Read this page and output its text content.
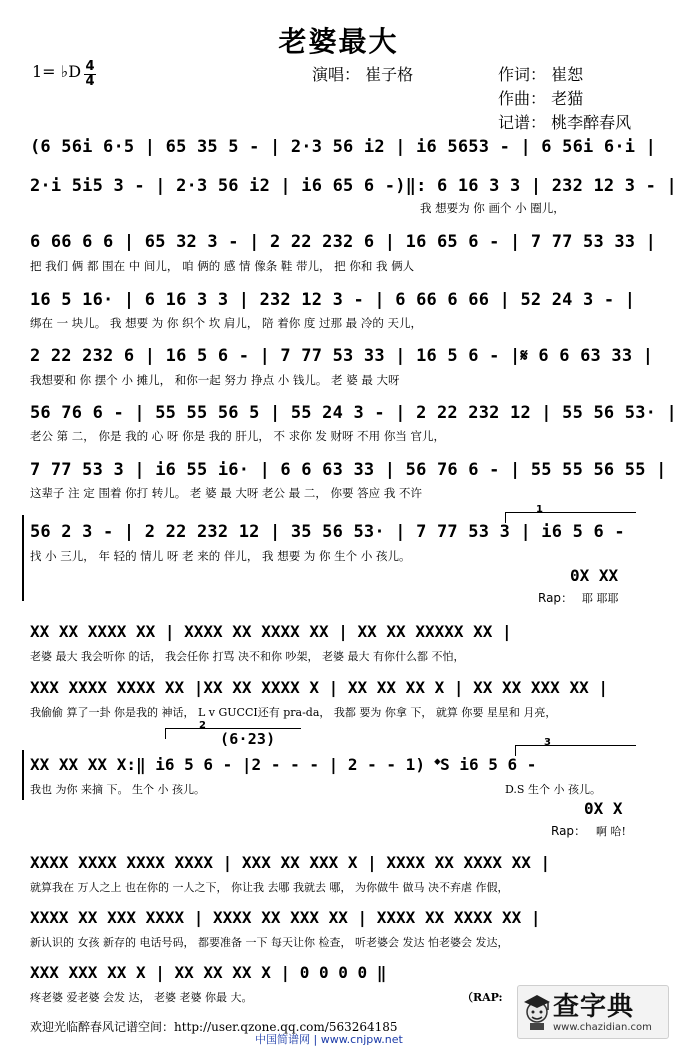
老婆最大
1= ♭D 4
4	演唱： 崔子格	作词： 崔恕
作曲： 老猫
记谱： 桃李醉春风
(6 56i 6·5 | 65 35 5 - | 2·3 56 i2 | i6 5653 - | 6 56i 6·i |
2·i 5i5 3 - | 2·3 56 i2 | i6 65 6 -)‖: 6 16 3 3 | 232 12 3 - |
我 想要为 你 画个 小 圈儿，
6 66 6 6 | 65 32 3 - | 2 22 232 6 | 16 65 6 - | 7 77 53 33 |
把 我们 俩 都 围在 中 间儿， 咱 俩的 感 情 像条 鞋 带儿， 把 你和 我 俩人
16 5 16· | 6 16 3 3 | 232 12 3 - | 6 66 6 66 | 52 24 3 - |
绑在 一 块儿。 我 想要 为 你 织个 坎 肩儿， 陪 着你 度 过那 最 冷的 天儿，
2 22 232 6 | 16 5 6 - | 7 77 53 33 | 16 5 6 - |𝄋 6 6 63 33 |
我想要和 你 摆个 小 摊儿， 和你一起 努力 挣点 小 钱儿。 老 婆 最 大呀
56 76 6 - | 55 55 56 5 | 55 24 3 - | 2 22 232 12 | 55 56 53· |
老公 第 二， 你是 我的 心 呀 你是 我的 肝儿， 不 求你 发 财呀 不用 你当 官儿，
7 77 53 3 | i6 55 i6· | 6 6 63 33 | 56 76 6 - | 55 55 56 55 |
这辈子 注 定 围着 你打 转儿。 老 婆 最 大呀 老公 最 二， 你要 答应 我 不许
1
56 2 3 - | 2 22 232 12 | 35 56 53· | 7 77 53 3 | i6 5 6 -
找 小 三儿， 年 轻的 情儿 呀 老 来的 伴儿， 我 想要 为 你 生个 小 孩儿。
0X XX
Rap： 耶 耶耶
XX XX XXXX XX | XXXX XX XXXX XX | XX XX XXXXX XX |
老婆 最大 我会听你 的话， 我会任你 打骂 决不和你 吵架， 老婆 最大 有你什么都 不怕，
XXX XXXX XXXX XX |XX XX XXXX X | XX XX XX X | XX XX XXX XX |
我偷偷 算了一卦 你是我的 神话， L v GUCCI还有 pra-da， 我都 要为 你拿 下， 就算 你要 星星和 月亮，
2
3
(6·23)
XX XX XX X:‖ i6 5 6 - |2 - - - | 2 - - 1) 𝄌S i6 5 6 -
我也 为你 来摘 下。 生个 小 孩儿。	D.S 生个 小 孩儿。
0X X
Rap： 啊 哈!
XXXX XXXX XXXX XXXX | XXX XX XXX X | XXXX XX XXXX XX |
就算我在 万人之上 也在你的 一人之下， 你让我 去哪 我就去 哪， 为你做牛 做马 决不弃虐 作假，
XXXX XX XXX XXXX | XXXX XX XXX XX | XXXX XX XXXX XX |
新认识的 女孩 新存的 电话号码， 都要准备 一下 每天让你 检查， 听老婆会 发达 怕老婆会 发达，
XXX XXX XX X | XX XX XX X | 0 0 0 0 ‖
疼老婆 爱老婆 会发 达， 老婆 老婆 你最 大。	（RAP:
欢迎光临醉春风记谱空间：http://user.qzone.qq.com/563264185
中国简谱网 | www.cnjpw.net
查字典
www.chazidian.com
